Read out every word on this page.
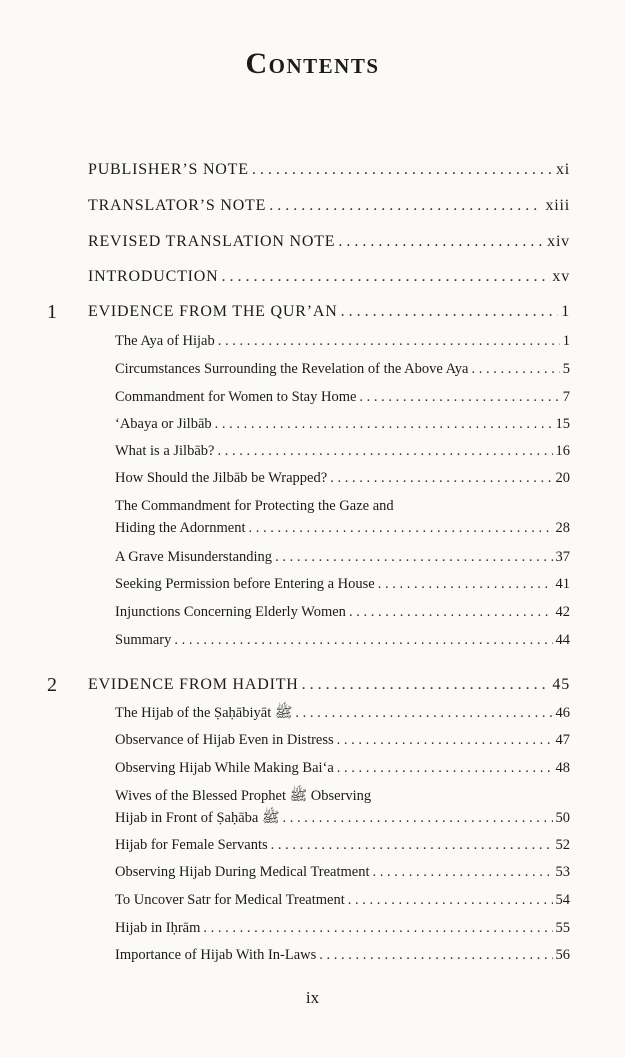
Contents
PUBLISHER’S NOTE . . .	xi
TRANSLATOR’S NOTE . . .	xiii
REVISED TRANSLATION NOTE . . .	xiv
INTRODUCTION . . .	xv
1 EVIDENCE FROM THE QUR’AN . . .	1
The Aya of Hijab . . .	1
Circumstances Surrounding the Revelation of the Above Aya . . .	5
Commandment for Women to Stay Home . . .	7
‘Abaya or Jilbāb . . .	15
What is a Jilbāb? . . .	16
How Should the Jilbāb be Wrapped? . . .	20
The Commandment for Protecting the Gaze and
Hiding the Adornment . . .	28
A Grave Misunderstanding . . .	37
Seeking Permission before Entering a House . . .	41
Injunctions Concerning Elderly Women . . .	42
Summary . . .	44
2 EVIDENCE FROM HADITH . . .	45
The Hijab of the Ṣaḥābiyāt ﷺ . . .	46
Observance of Hijab Even in Distress . . .	47
Observing Hijab While Making Bai‘a . . .	48
Wives of the Blessed Prophet ﷺ Observing
Hijab in Front of Ṣaḥāba ﷺ . . .	50
Hijab for Female Servants . . .	52
Observing Hijab During Medical Treatment . . .	53
To Uncover Satr for Medical Treatment . . .	54
Hijab in Iḥrām . . .	55
Importance of Hijab With In-Laws . . .	56
ix
